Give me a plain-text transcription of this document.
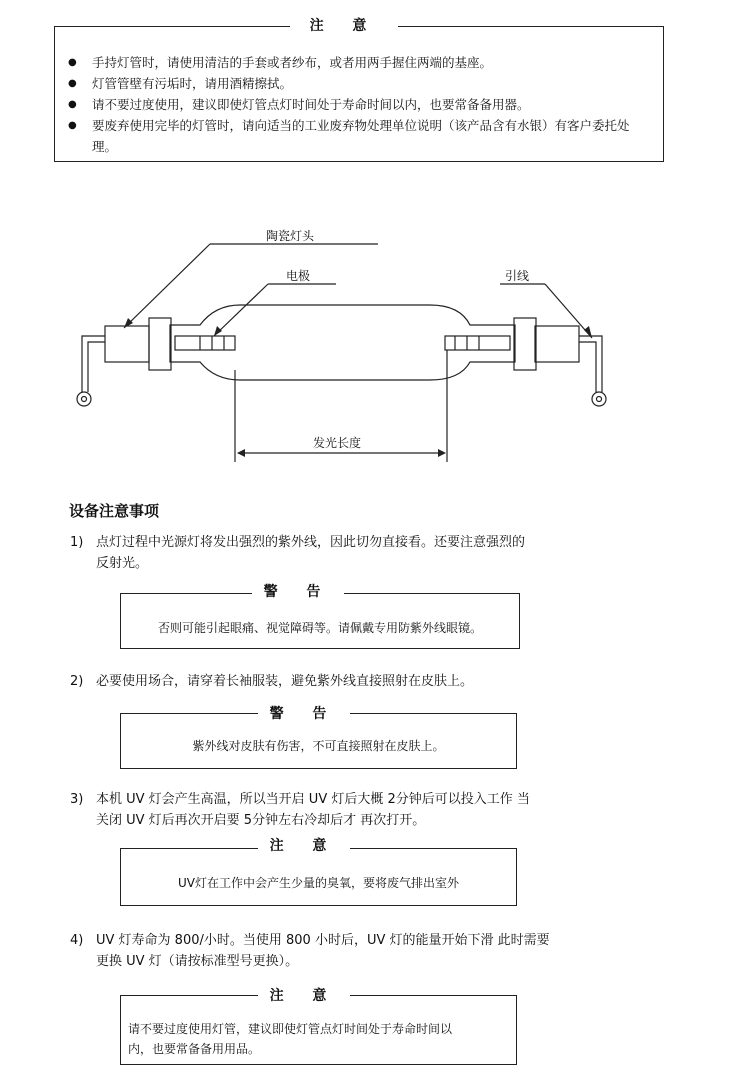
注 意
● 手持灯管时，请使用清洁的手套或者纱布，或者用两手握住两端的基座。
● 灯管管壁有污垢时，请用酒精擦拭。
● 请不要过度使用，建议即使灯管点灯时间处于寿命时间以内，也要常备备用器。
● 要废弃使用完毕的灯管时，请向适当的工业废弃物处理单位说明（该产品含有水银）有客户委托处理。
陶瓷灯头
电极	引线
发光长度
设备注意事项
1) 点灯过程中光源灯将发出强烈的紫外线，因此切勿直接看。还要注意强烈的
反射光。
警 告
否则可能引起眼痛、视觉障碍等。请佩戴专用防紫外线眼镜。
2) 必要使用场合，请穿着长袖服装，避免紫外线直接照射在皮肤上。
警 告
紫外线对皮肤有伤害，不可直接照射在皮肤上。
3) 本机 UV 灯会产生高温，所以当开启 UV 灯后大概 2分钟后可以投入工作 当
关闭 UV 灯后再次开启要 5分钟左右冷却后才 再次打开。
注 意
UV灯在工作中会产生少量的臭氧，要将废气排出室外
4) UV 灯寿命为 800/小时。当使用 800 小时后，UV 灯的能量开始下滑 此时需要
更换 UV 灯（请按标准型号更换）。
注 意
请不要过度使用灯管，建议即使灯管点灯时间处于寿命时间以
内，也要常备备用用品。
